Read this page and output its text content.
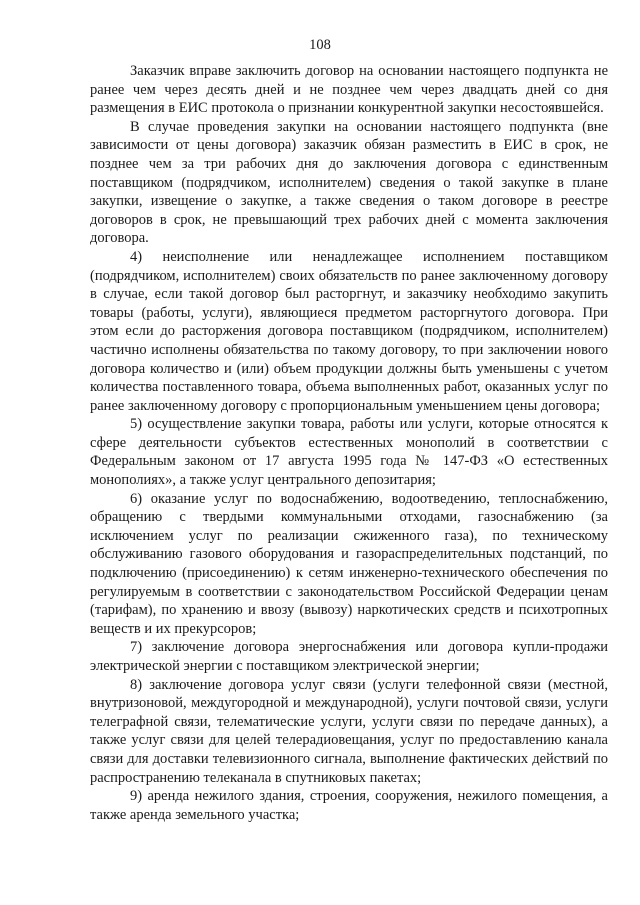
108

Заказчик вправе заключить договор на основании настоящего подпункта не ранее чем через десять дней и не позднее чем через двадцать дней со дня размещения в ЕИС протокола о признании конкурентной закупки несостоявшейся.

В случае проведения закупки на основании настоящего подпункта (вне зависимости от цены договора) заказчик обязан разместить в ЕИС в срок, не позднее чем за три рабочих дня до заключения договора с единственным поставщиком (подрядчиком, исполнителем) сведения о такой закупке в плане закупки, извещение о закупке, а также сведения о таком договоре в реестре договоров в срок, не превышающий трех рабочих дней с момента заключения договора.

4) неисполнение или ненадлежащее исполнением поставщиком (подрядчиком, исполнителем) своих обязательств по ранее заключенному договору в случае, если такой договор был расторгнут, и заказчику необходимо закупить товары (работы, услуги), являющиеся предметом расторгнутого договора. При этом если до расторжения договора поставщиком (подрядчиком, исполнителем) частично исполнены обязательства по такому договору, то при заключении нового договора количество и (или) объем продукции должны быть уменьшены с учетом количества поставленного товара, объема выполненных работ, оказанных услуг по ранее заключенному договору с пропорциональным уменьшением цены договора;

5) осуществление закупки товара, работы или услуги, которые относятся к сфере деятельности субъектов естественных монополий в соответствии с Федеральным законом от 17 августа 1995 года № 147-ФЗ «О естественных монополиях», а также услуг центрального депозитария;

6) оказание услуг по водоснабжению, водоотведению, теплоснабжению, обращению с твердыми коммунальными отходами, газоснабжению (за исключением услуг по реализации сжиженного газа), по техническому обслуживанию газового оборудования и газораспределительных подстанций, по подключению (присоединению) к сетям инженерно-технического обеспечения по регулируемым в соответствии с законодательством Российской Федерации ценам (тарифам), по хранению и ввозу (вывозу) наркотических средств и психотропных веществ и их прекурсоров;

7) заключение договора энергоснабжения или договора купли-продажи электрической энергии с поставщиком электрической энергии;

8) заключение договора услуг связи (услуги телефонной связи (местной, внутризоновой, междугородной и международной), услуги почтовой связи, услуги телеграфной связи, телематические услуги, услуги связи по передаче данных), а также услуг связи для целей телерадиовещания, услуг по предоставлению канала связи для доставки телевизионного сигнала, выполнение фактических действий по распространению телеканала в спутниковых пакетах;

9) аренда нежилого здания, строения, сооружения, нежилого помещения, а также аренда земельного участка;
